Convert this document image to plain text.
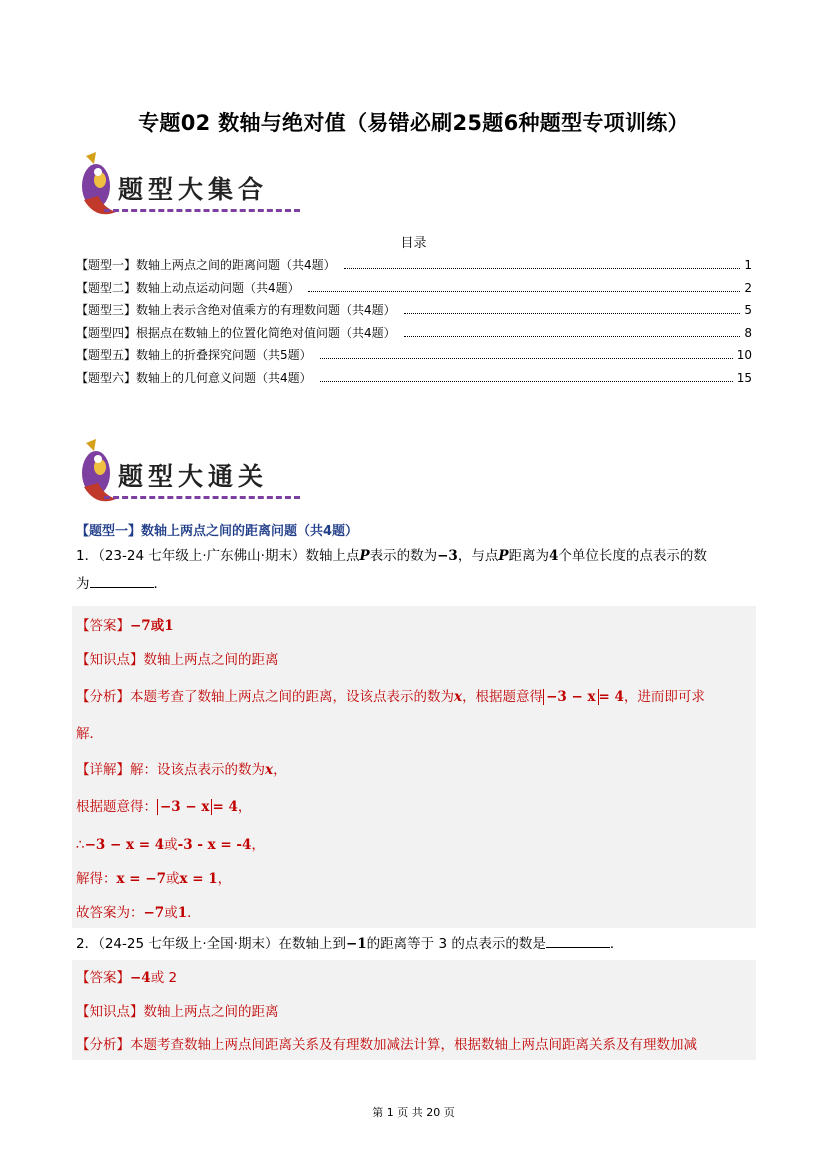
专题02 数轴与绝对值（易错必刷25题6种题型专项训练）
题型大集合
目录
【题型一】数轴上两点之间的距离问题（共4题）	1
【题型二】数轴上动点运动问题（共4题）	2
【题型三】数轴上表示含绝对值乘方的有理数问题（共4题）	5
【题型四】根据点在数轴上的位置化简绝对值问题（共4题）	8
【题型五】数轴上的折叠探究问题（共5题）	10
【题型六】数轴上的几何意义问题（共4题）	15
题型大通关
【题型一】数轴上两点之间的距离问题（共4题）
1．（23-24 七年级上·广东佛山·期末）数轴上点P表示的数为−3，与点P距离为4个单位长度的点表示的数
为	．
【答案】−7或1
【知识点】数轴上两点之间的距离
【分析】本题考查了数轴上两点之间的距离，设该点表示的数为x，根据题意得 −3 − x = 4，进而即可求
解．
【详解】解：设该点表示的数为x，
根据题意得： −3 − x = 4，
∴−3 − x = 4或-3 - x = -4，
解得：x = −7或x = 1，
故答案为：−7或1．
2．（24-25 七年级上·全国·期末）在数轴上到−1的距离等于 3 的点表示的数是	．
【答案】−4或 2
【知识点】数轴上两点之间的距离
【分析】本题考查数轴上两点间距离关系及有理数加减法计算，根据数轴上两点间距离关系及有理数加减
第 1 页 共 20 页
